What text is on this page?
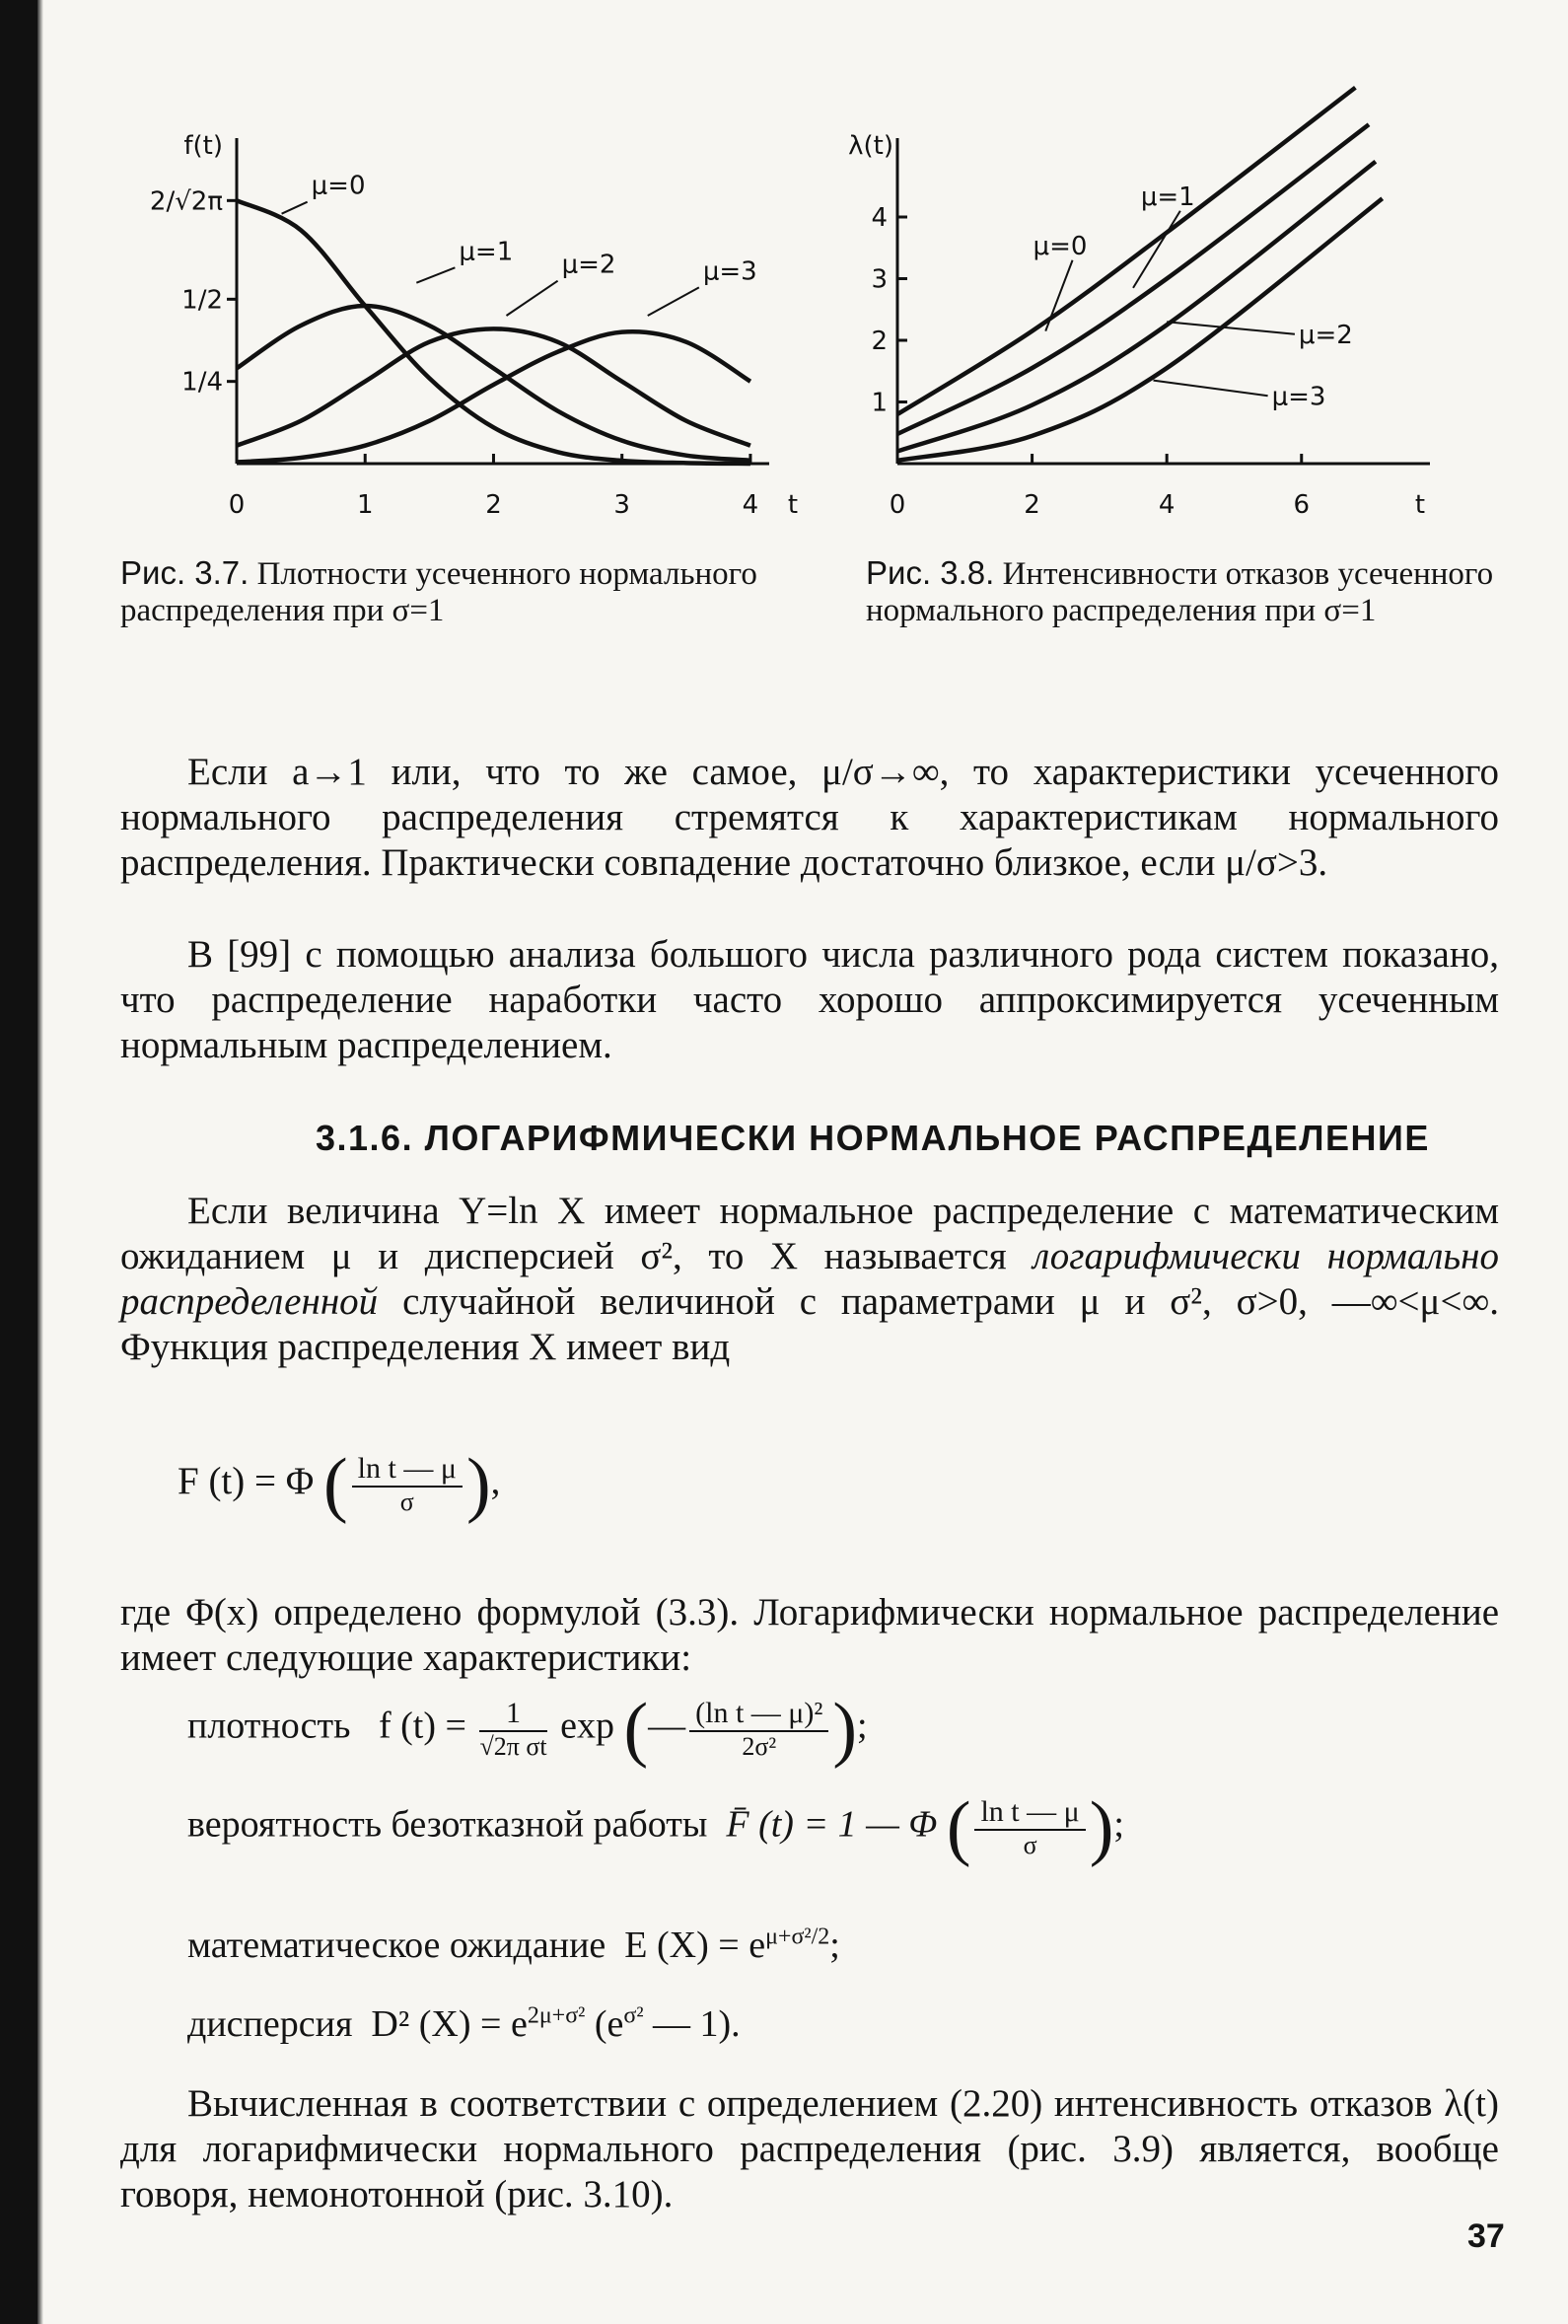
2/√2π
1/2
1/4
f(t)
0	1	2	3	4 t
μ=0
μ=1 μ=2	μ=3
Рис. 3.7. Плотности усеченного нормального распределения при σ=1
1
2
3
4
λ(t)
0	2	4	6	t
μ=0
μ=1
μ=2
μ=3
Рис. 3.8. Интенсивности отказов усеченного нормального распределения при σ=1
Если a→1 или, что то же самое, μ/σ→∞, то характеристики усеченного нормального распределения стремятся к характеристикам нормального распределения. Практически совпадение достаточно близкое, если μ/σ>3.
В [99] с помощью анализа большого числа различного рода систем показано, что распределение наработки часто хорошо аппроксимируется усеченным нормальным распределением.
3.1.6. ЛОГАРИФМИЧЕСКИ НОРМАЛЬНОЕ РАСПРЕДЕЛЕНИЕ
Если величина Y=ln X имеет нормальное распределение с математическим ожиданием μ и дисперсией σ², то X называется логарифмически нормально распределенной случайной величиной с параметрами μ и σ², σ>0, —∞<μ<∞. Функция распределения X имеет вид
F (t) = Φ ( $\frac{\text{ln t — μ}}{\sigma}$ ),
где Φ(x) определено формулой (3.3). Логарифмически нормальное распределение имеет следующие характеристики:
плотность f $(t) = \frac{1}{\text{√2π σt}}$ exp (— $\frac{\text{(ln t — μ)²}}{\text{2σ²}}$ );
вероятность безотказной работы F̄ (t) = 1 — Φ ( $\frac{\text{ln t — μ}}{\sigma}$ );
математическое ожидание E $(X) = e^{\mu+\sigma^2/2}$;
дисперсия D² $(X) = e^{2\mu+\sigma^2}$ ($e^{\sigma^2}$ — 1).
Вычисленная в соответствии с определением (2.20) интенсивность отказов λ(t) для логарифмически нормального распределения (рис. 3.9) является, вообще говоря, немонотонной (рис. 3.10).
37
